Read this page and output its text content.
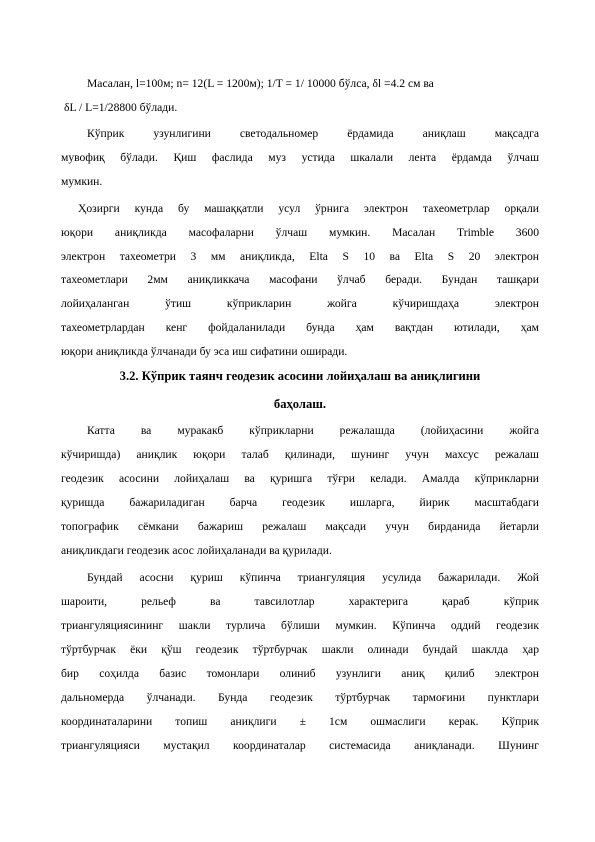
Масалан, l=100м; n= 12(L = 1200м); 1/T = 1/ 10000 бўлса, δl =4.2 см ва
δL / L=1/28800 бўлади.
Кўприк узунлигини светодальномер ёрдамида аниқлаш мақсадга
мувофиқ бўлади. Қиш фаслида муз устида шкалали лента ёрдамда ўлчаш
мумкин.
Ҳозирги кунда бу машаққатли усул ўрнига электрон тахеометрлар орқали
юқори аниқликда масофаларни ўлчаш мумкин. Масалан Trimble 3600
электрон тахеометри 3 мм аниқликда, Elta S 10 ва Elta S 20 электрон
тахеометлари 2мм аниқликкача масофани ўлчаб беради. Бундан ташқари
лойиҳаланган ўтиш кўприкларин жойга кўчиришдаҳа электрон
тахеометрлардан кенг фойдаланилади бунда ҳам вақтдан ютилади, ҳам
юқори аниқликда ўлчанади бу эса иш сифатини оширади.
3.2. Кўприк таянч геодезик асосини лойиҳалаш ва аниқлигини
баҳолаш.
Катта ва муракакб кўприкларни режалашда (лойиҳасини жойга
кўчиришда) аниқлик юқори талаб қилинади, шунинг учун махсус режалаш
геодезик асосини лойиҳалаш ва қуришга тўғри келади. Амалда кўприкларни
қуришда бажариладиган барча геодезик ишларга, йирик масштабдаги
топографик сёмкани бажариш режалаш мақсади учун бирданида йетарли
аниқликдаги геодезик асос лойиҳаланади ва қурилади.
Бундай асосни қуриш кўпинча триангуляция усулида бажарилади. Жой
шароити, рельеф ва тавсилотлар характерига қараб кўприк
триангуляциясининг шакли турлича бўлиши мумкин. Кўпинча оддий геодезик
тўртбурчак ёки қўш геодезик тўртбурчак шакли олинади бундай шаклда ҳар
бир соҳилда базис томонлари олиниб узунлиги аниқ қилиб электрон
дальномерда ўлчанади. Бунда геодезик тўртбурчак тармоғини пунктлари
координаталарини топиш аниқлиги ± 1см ошмаслиги керак. Кўприк
триангуляцияси мустақил координаталар системасида аниқланади. Шунинг
